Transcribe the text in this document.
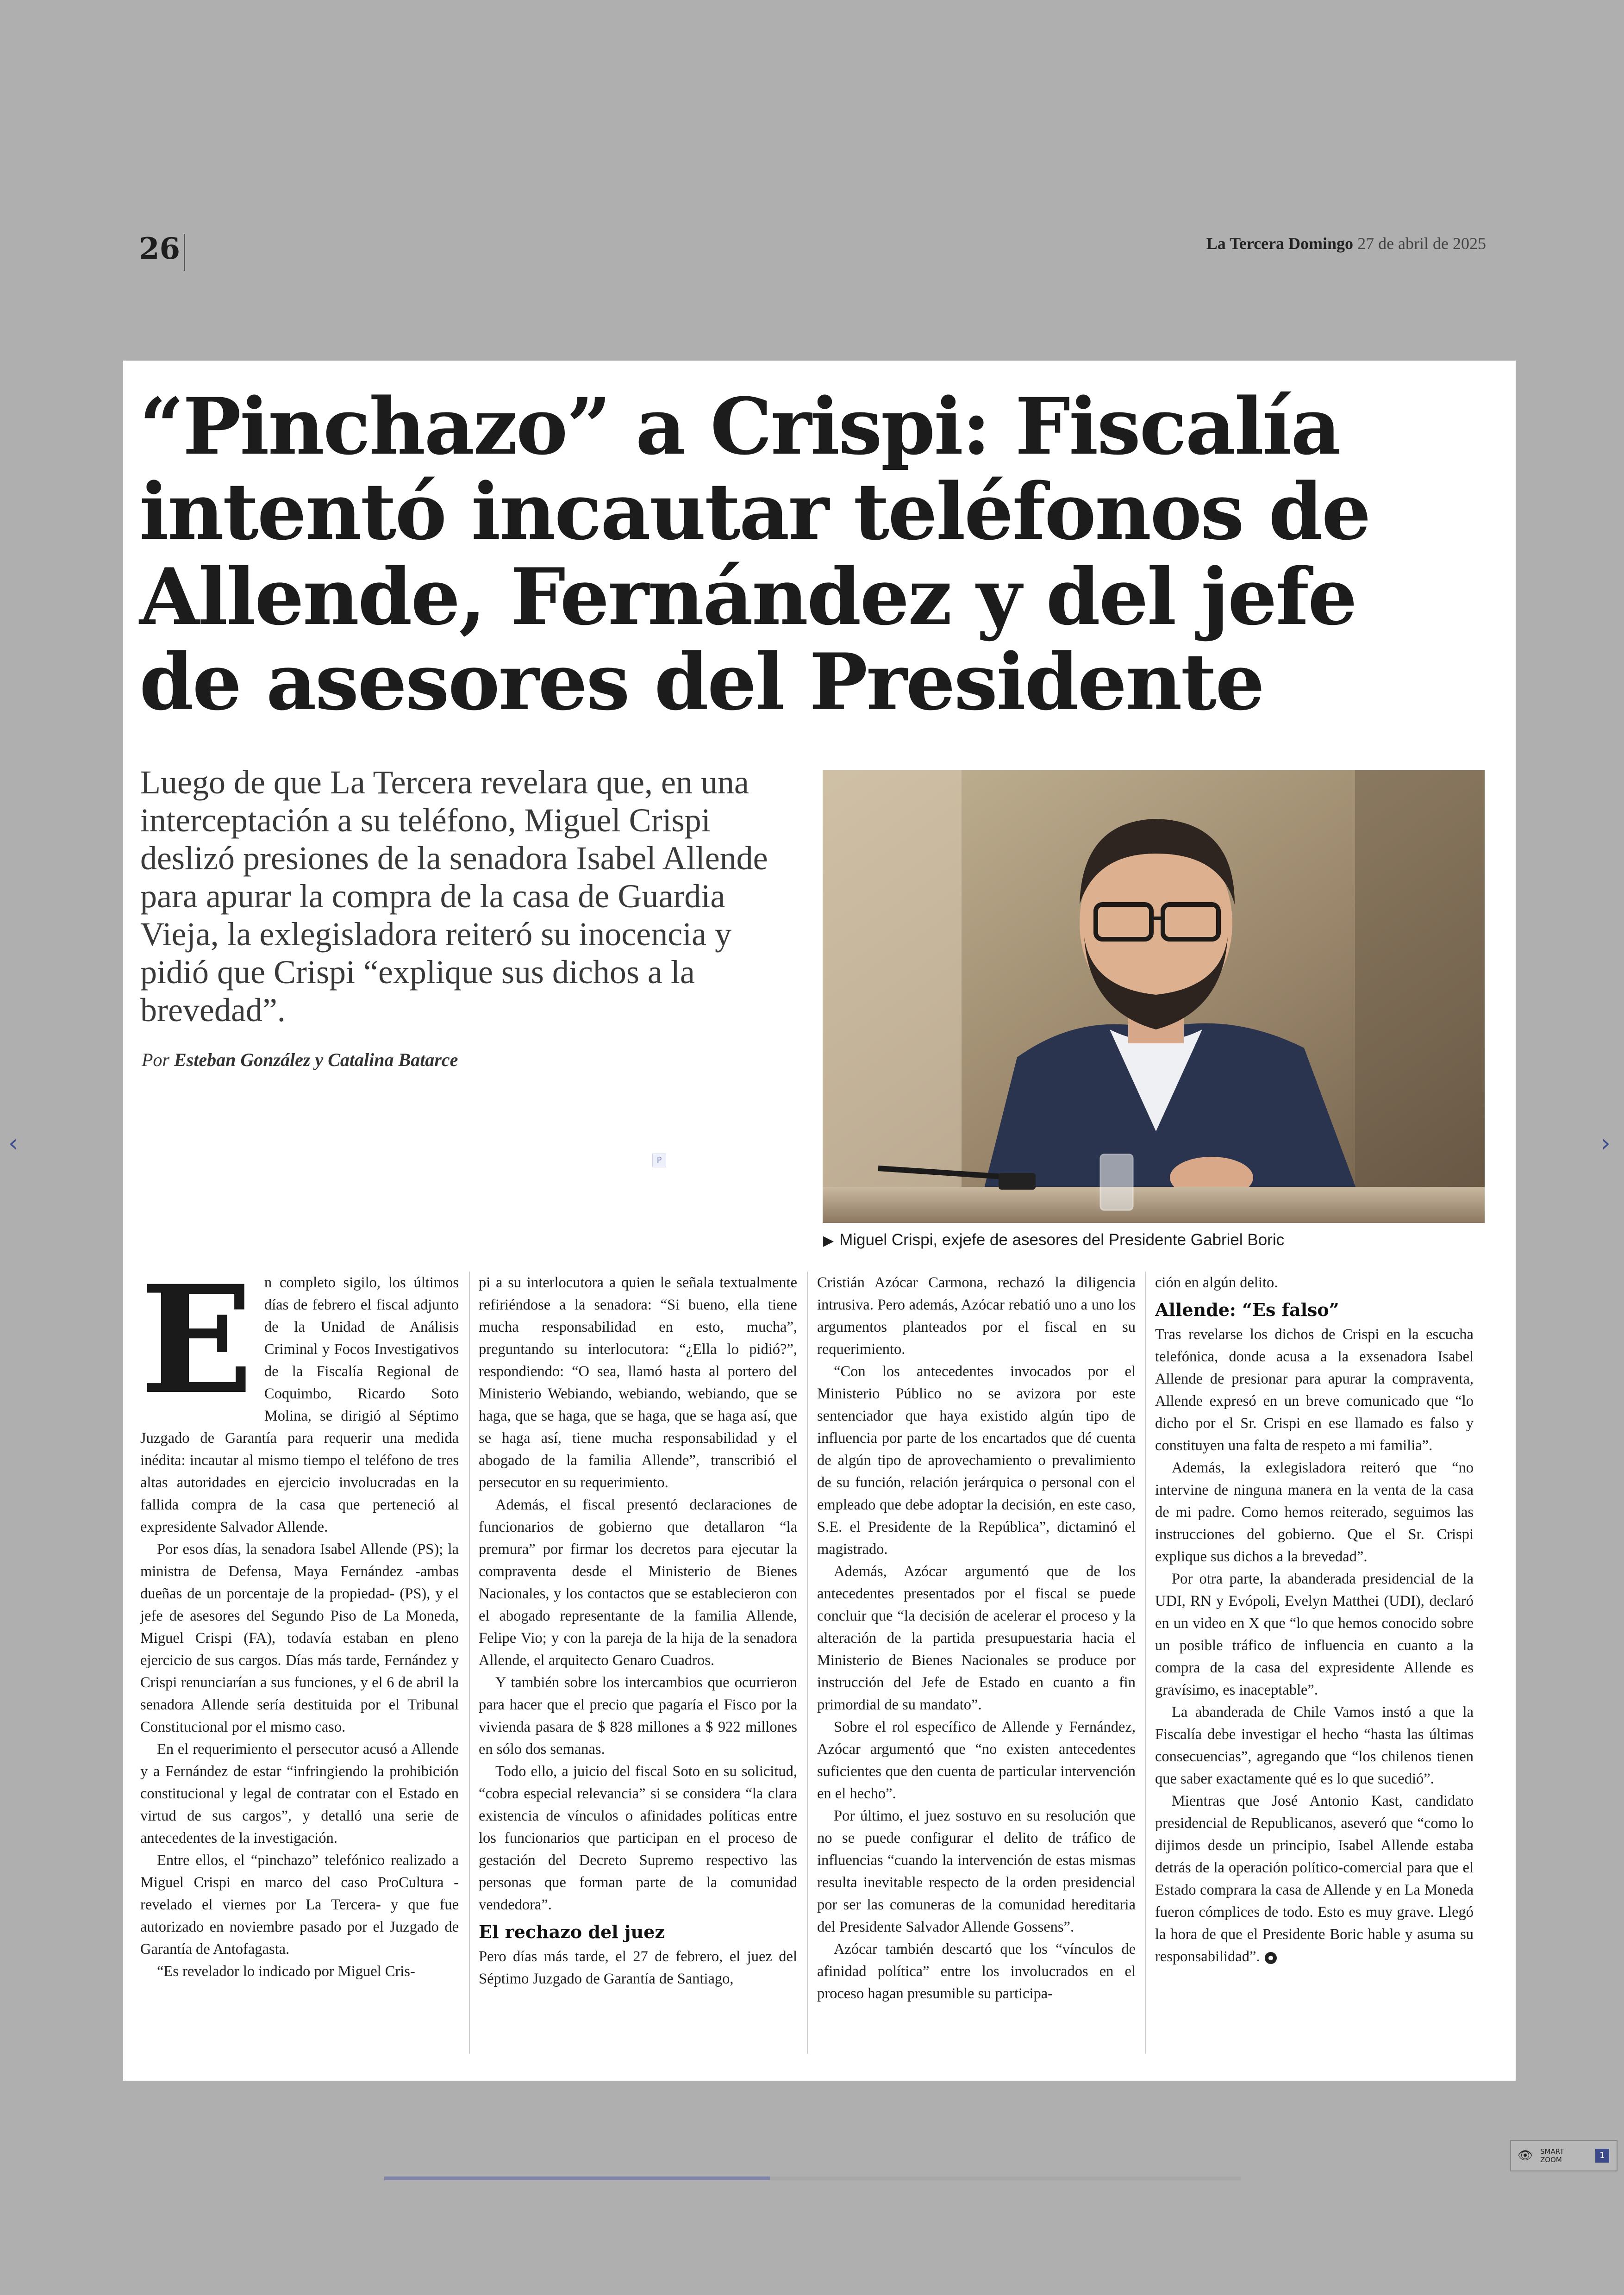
26	La Tercera Domingo 27 de abril de 2025
“Pinchazo” a Crispi: Fiscalía intentó incautar teléfonos de Allende, Fernández y del jefe de asesores del Presidente

Luego de que La Tercera revelara que, en una interceptación a su teléfono, Miguel Crispi deslizó presiones de la senadora Isabel Allende para apurar la compra de la casa de Guardia Vieja, la exlegisladora reiteró su inocencia y pidió que Crispi “explique sus dichos a la brevedad”.

Por Esteban González y Catalina Batarce
P
▶ Miguel Crispi, exjefe de asesores del Presidente Gabriel Boric
E n completo sigilo, los últimos días de febrero el fiscal adjunto de la Unidad de Análisis Criminal y Focos Investigativos de la Fiscalía Regional de Coquimbo, Ricardo Soto Molina, se dirigió al Séptimo Juzgado de Garantía para requerir una medida inédita: incautar al mismo tiempo el teléfono de tres altas autoridades en ejercicio involucradas en la fallida compra de la casa que perteneció al expresidente Salvador Allende.

Por esos días, la senadora Isabel Allende (PS); la ministra de Defensa, Maya Fernández -ambas dueñas de un porcentaje de la propiedad- (PS), y el jefe de asesores del Segundo Piso de La Moneda, Miguel Crispi (FA), todavía estaban en pleno ejercicio de sus cargos. Días más tarde, Fernández y Crispi renunciarían a sus funciones, y el 6 de abril la senadora Allende sería destituida por el Tribunal Constitucional por el mismo caso.

En el requerimiento el persecutor acusó a Allende y a Fernández de estar “infringiendo la prohibición constitucional y legal de contratar con el Estado en virtud de sus cargos”, y detalló una serie de antecedentes de la investigación.

Entre ellos, el “pinchazo” telefónico realizado a Miguel Crispi en marco del caso ProCultura -revelado el viernes por La Tercera- y que fue autorizado en noviembre pasado por el Juzgado de Garantía de Antofagasta.

“Es revelador lo indicado por Miguel Cris-

pi a su interlocutora a quien le señala textualmente refiriéndose a la senadora: “Si bueno, ella tiene mucha responsabilidad en esto, mucha”, preguntando su interlocutora: “¿Ella lo pidió?”, respondiendo: “O sea, llamó hasta al portero del Ministerio Webiando, webiando, webiando, que se haga, que se haga, que se haga, que se haga así, que se haga así, tiene mucha responsabilidad y el abogado de la familia Allende”, transcribió el persecutor en su requerimiento.

Además, el fiscal presentó declaraciones de funcionarios de gobierno que detallaron “la premura” por firmar los decretos para ejecutar la compraventa desde el Ministerio de Bienes Nacionales, y los contactos que se establecieron con el abogado representante de la familia Allende, Felipe Vio; y con la pareja de la hija de la senadora Allende, el arquitecto Genaro Cuadros.

Y también sobre los intercambios que ocurrieron para hacer que el precio que pagaría el Fisco por la vivienda pasara de $ 828 millones a $ 922 millones en sólo dos semanas.

Todo ello, a juicio del fiscal Soto en su solicitud, “cobra especial relevancia” si se considera “la clara existencia de vínculos o afinidades políticas entre los funcionarios que participan en el proceso de gestación del Decreto Supremo respectivo las personas que forman parte de la comunidad vendedora”.

El rechazo del juez

Pero días más tarde, el 27 de febrero, el juez del Séptimo Juzgado de Garantía de Santiago,

Cristián Azócar Carmona, rechazó la diligencia intrusiva. Pero además, Azócar rebatió uno a uno los argumentos planteados por el fiscal en su requerimiento.

“Con los antecedentes invocados por el Ministerio Público no se avizora por este sentenciador que haya existido algún tipo de influencia por parte de los encartados que dé cuenta de algún tipo de aprovechamiento o prevalimiento de su función, relación jerárquica o personal con el empleado que debe adoptar la decisión, en este caso, S.E. el Presidente de la República”, dictaminó el magistrado.

Además, Azócar argumentó que de los antecedentes presentados por el fiscal se puede concluir que “la decisión de acelerar el proceso y la alteración de la partida presupuestaria hacia el Ministerio de Bienes Nacionales se produce por instrucción del Jefe de Estado en cuanto a fin primordial de su mandato”.

Sobre el rol específico de Allende y Fernández, Azócar argumentó que “no existen antecedentes suficientes que den cuenta de particular intervención en el hecho”.

Por último, el juez sostuvo en su resolución que no se puede configurar el delito de tráfico de influencias “cuando la intervención de estas mismas resulta inevitable respecto de la orden presidencial por ser las comuneras de la comunidad hereditaria del Presidente Salvador Allende Gossens”.

Azócar también descartó que los “vínculos de afinidad política” entre los involucrados en el proceso hagan presumible su participa-

ción en algún delito.

Allende: “Es falso”

Tras revelarse los dichos de Crispi en la escucha telefónica, donde acusa a la exsenadora Isabel Allende de presionar para apurar la compraventa, Allende expresó en un breve comunicado que “lo dicho por el Sr. Crispi en ese llamado es falso y constituyen una falta de respeto a mi familia”.

Además, la exlegisladora reiteró que “no intervine de ninguna manera en la venta de la casa de mi padre. Como hemos reiterado, seguimos las instrucciones del gobierno. Que el Sr. Crispi explique sus dichos a la brevedad”.

Por otra parte, la abanderada presidencial de la UDI, RN y Evópoli, Evelyn Matthei (UDI), declaró en un video en X que “lo que hemos conocido sobre un posible tráfico de influencia en cuanto a la compra de la casa del expresidente Allende es gravísimo, es inaceptable”.

La abanderada de Chile Vamos instó a que la Fiscalía debe investigar el hecho “hasta las últimas consecuencias”, agregando que “los chilenos tienen que saber exactamente qué es lo que sucedió”.

Mientras que José Antonio Kast, candidato presidencial de Republicanos, aseveró que “como lo dijimos desde un principio, Isabel Allende estaba detrás de la operación político-comercial para que el Estado comprara la casa de Allende y en La Moneda fueron cómplices de todo. Esto es muy grave. Llegó la hora de que el Presidente Boric hable y asuma su responsabilidad”.

‹	›
👁 SMART ZOOM	1
